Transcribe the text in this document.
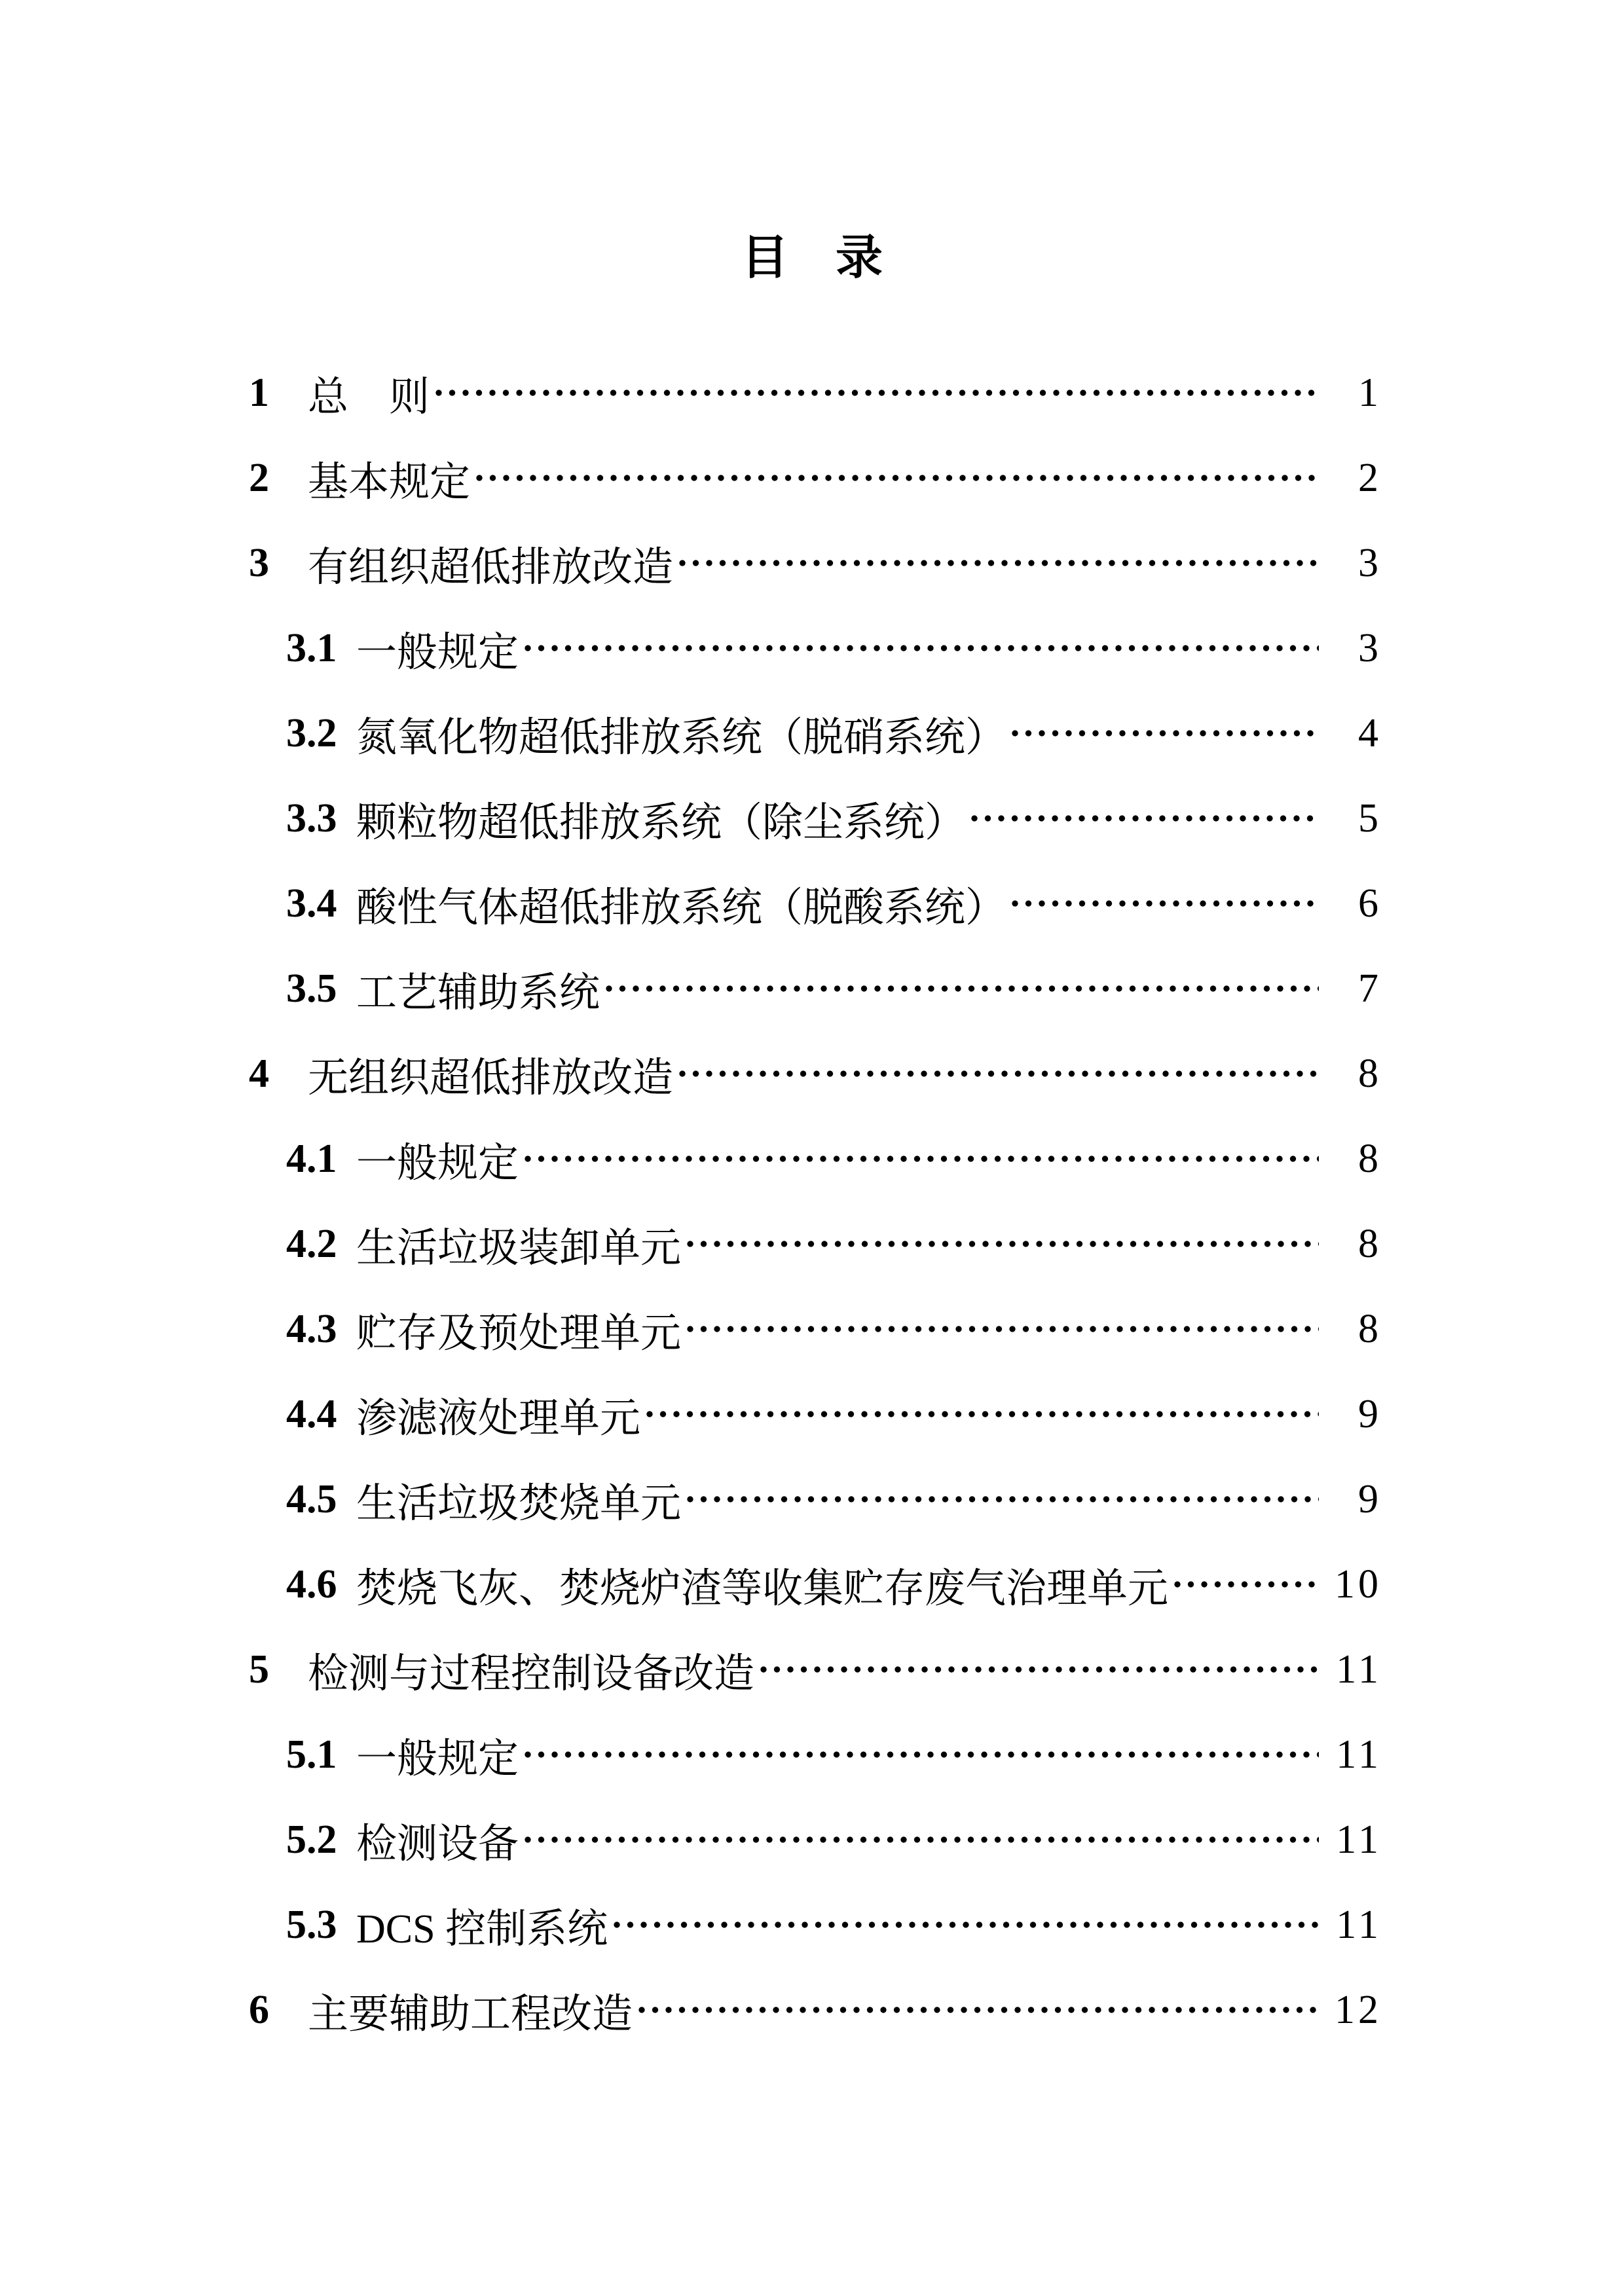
目　录
1 总　则	1
2 基本规定	2
3 有组织超低排放改造	3
3.1 一般规定	3
3.2 氮氧化物超低排放系统（脱硝系统）	4
3.3 颗粒物超低排放系统（除尘系统）	5
3.4 酸性气体超低排放系统（脱酸系统）	6
3.5 工艺辅助系统	7
4 无组织超低排放改造	8
4.1 一般规定	8
4.2 生活垃圾装卸单元	8
4.3 贮存及预处理单元	8
4.4 渗滤液处理单元	9
4.5 生活垃圾焚烧单元	9
4.6 焚烧飞灰、焚烧炉渣等收集贮存废气治理单元	10
5 检测与过程控制设备改造	11
5.1 一般规定	11
5.2 检测设备	11
5.3 DCS 控制系统	11
6 主要辅助工程改造	12
